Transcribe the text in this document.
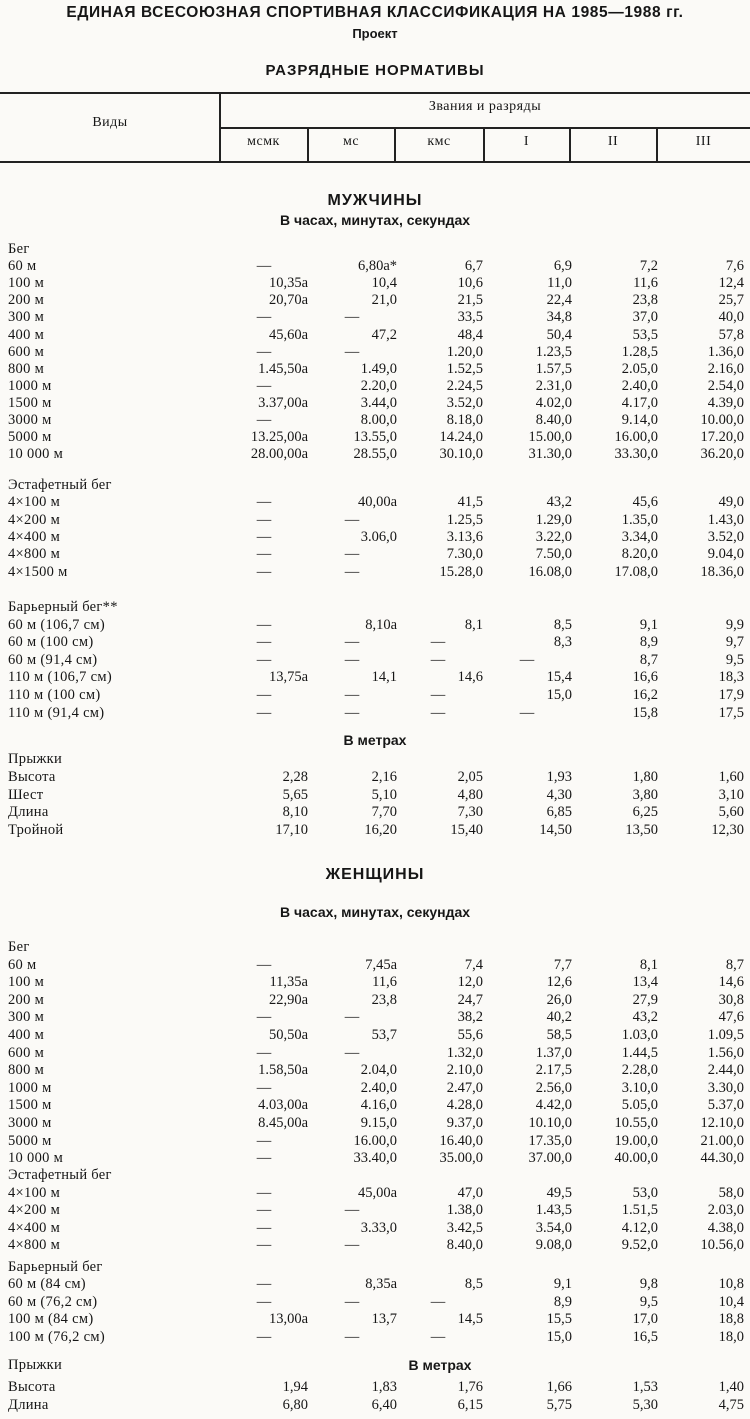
ЕДИНАЯ ВСЕСОЮЗНАЯ СПОРТИВНАЯ КЛАССИФИКАЦИЯ НА 1985—1988 гг.
Проект
РАЗРЯДНЫЕ НОРМАТИВЫ
Виды
Звания и разряды
мсмк	мс	кмс	I	II	III
МУЖЧИНЫ
В часах, минутах, секундах
Бег
60 м	—	6,80а*	6,7	6,9	7,2	7,6
100 м	10,35а	10,4	10,6	11,0	11,6	12,4
200 м	20,70а	21,0	21,5	22,4	23,8	25,7
300 м	—	—	33,5	34,8	37,0	40,0
400 м	45,60а	47,2	48,4	50,4	53,5	57,8
600 м	—	—	1.20,0	1.23,5	1.28,5	1.36,0
800 м	1.45,50а	1.49,0	1.52,5	1.57,5	2.05,0	2.16,0
1000 м	—	2.20,0	2.24,5	2.31,0	2.40,0	2.54,0
1500 м	3.37,00а	3.44,0	3.52,0	4.02,0	4.17,0	4.39,0
3000 м	—	8.00,0	8.18,0	8.40,0	9.14,0	10.00,0
5000 м	13.25,00а	13.55,0	14.24,0	15.00,0	16.00,0	17.20,0
10 000 м	28.00,00а	28.55,0	30.10,0	31.30,0	33.30,0	36.20,0
Эстафетный бег
4×100 м	—	40,00а	41,5	43,2	45,6	49,0
4×200 м	—	—	1.25,5	1.29,0	1.35,0	1.43,0
4×400 м	—	3.06,0	3.13,6	3.22,0	3.34,0	3.52,0
4×800 м	—	—	7.30,0	7.50,0	8.20,0	9.04,0
4×1500 м	—	—	15.28,0	16.08,0	17.08,0	18.36,0
Барьерный бег**
60 м (106,7 см)	—	8,10а	8,1	8,5	9,1	9,9
60 м (100 см)	—	—	—	8,3	8,9	9,7
60 м (91,4 см)	—	—	—	—	8,7	9,5
110 м (106,7 см)	13,75а	14,1	14,6	15,4	16,6	18,3
110 м (100 см)	—	—	—	15,0	16,2	17,9
110 м (91,4 см)	—	—	—	—	15,8	17,5
В метрах
Прыжки
Высота	2,28	2,16	2,05	1,93	1,80	1,60
Шест	5,65	5,10	4,80	4,30	3,80	3,10
Длина	8,10	7,70	7,30	6,85	6,25	5,60
Тройной	17,10	16,20	15,40	14,50	13,50	12,30
ЖЕНЩИНЫ
В часах, минутах, секундах
Бег
60 м	—	7,45а	7,4	7,7	8,1	8,7
100 м	11,35а	11,6	12,0	12,6	13,4	14,6
200 м	22,90а	23,8	24,7	26,0	27,9	30,8
300 м	—	—	38,2	40,2	43,2	47,6
400 м	50,50а	53,7	55,6	58,5	1.03,0	1.09,5
600 м	—	—	1.32,0	1.37,0	1.44,5	1.56,0
800 м	1.58,50а	2.04,0	2.10,0	2.17,5	2.28,0	2.44,0
1000 м	—	2.40,0	2.47,0	2.56,0	3.10,0	3.30,0
1500 м	4.03,00а	4.16,0	4.28,0	4.42,0	5.05,0	5.37,0
3000 м	8.45,00а	9.15,0	9.37,0	10.10,0	10.55,0	12.10,0
5000 м	—	16.00,0	16.40,0	17.35,0	19.00,0	21.00,0
10 000 м	—	33.40,0	35.00,0	37.00,0	40.00,0	44.30,0
Эстафетный бег
4×100 м	—	45,00а	47,0	49,5	53,0	58,0
4×200 м	—	—	1.38,0	1.43,5	1.51,5	2.03,0
4×400 м	—	3.33,0	3.42,5	3.54,0	4.12,0	4.38,0
4×800 м	—	—	8.40,0	9.08,0	9.52,0	10.56,0
Барьерный бег
60 м (84 см)	—	8,35а	8,5	9,1	9,8	10,8
60 м (76,2 см)	—	—	—	8,9	9,5	10,4
100 м (84 см)	13,00а	13,7	14,5	15,5	17,0	18,8
100 м (76,2 см)	—	—	—	15,0	16,5	18,0
Прыжки	В метрах
Высота	1,94	1,83	1,76	1,66	1,53	1,40
Длина	6,80	6,40	6,15	5,75	5,30	4,75
